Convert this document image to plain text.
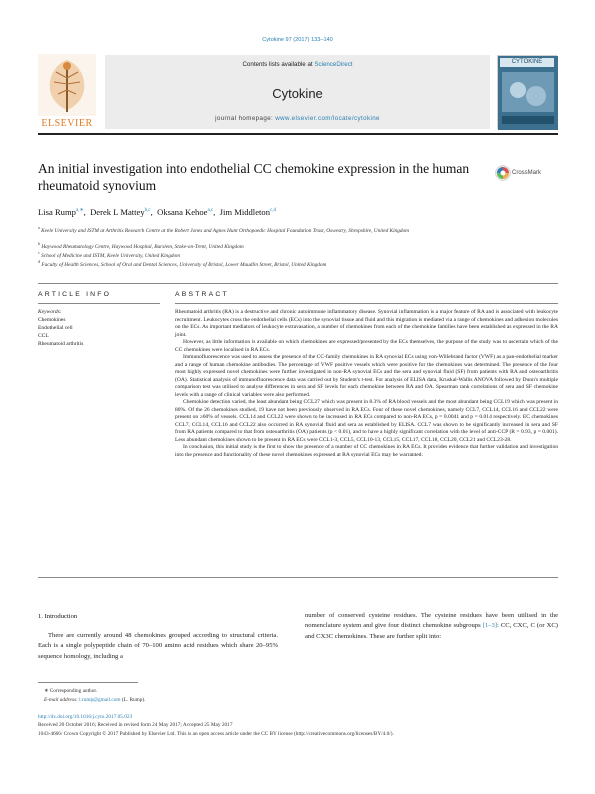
Cytokine 97 (2017) 133–140
ELSEVIER
Contents lists available at ScienceDirect
Cytokine
journal homepage: www.elsevier.com/locate/cytokine
CYTOKINE
An initial investigation into endothelial CC chemokine expression in the human rheumatoid synovium
CrossMark
Lisa Rump$^{a,∗}$,  Derek L Mattey$^{b,c}$,  Oksana Kehoe$^{a,c}$,  Jim Middleton$^{c,d}$
$^a$ Keele University and ISTM at Arthritis Research Centre at the Robert Jones and Agnes Hunt Orthopaedic Hospital Foundation Trust, Oswestry, Shropshire, United Kingdom
$^b$ Haywood Rheumatology Centre, Haywood Hospital, Burslem, Stoke-on-Trent, United Kingdom
$^c$ School of Medicine and ISTM, Keele University, United Kingdom
$^d$ Faculty of Health Sciences, School of Oral and Dental Sciences, University of Bristol, Lower Maudlin Street, Bristol, United Kingdom
ARTICLE INFO	ABSTRACT
Keywords:
Chemokines
Endothelial cell
CCL
Rheumatoid arthritis

Rheumatoid arthritis (RA) is a destructive and chronic autoimmune inflammatory disease. Synovial inflammation is a major feature of RA and is associated with leukocyte recruitment. Leukocytes cross the endothelial cells (ECs) into the synovial tissue and fluid and this migration is mediated via a range of chemokines and adhesion molecules on the ECs. As important mediators of leukocyte extravasation, a number of chemokines from each of the chemokine families have been established as expressed in the RA joint.

However, as little information is available on which chemokines are expressed/presented by the ECs themselves, the purpose of the study was to ascertain which of the CC chemokines were localised in RA ECs.

Immunofluorescence was used to assess the presence of the CC-family chemokines in RA synovial ECs using von-Willebrand factor (VWF) as a pan-endothelial marker and a range of human chemokine antibodies. The percentage of VWF positive vessels which were positive for the chemokines was determined. The presence of the four most highly expressed novel chemokines were further investigated in non-RA synovial ECs and the sera and synovial fluid (SF) from patients with RA and osteoarthritis (OA). Statistical analysis of immunofluorescence data was carried out by Student's t-test. For analysis of ELISA data, Kruskal-Wallis ANOVA followed by Dunn's multiple comparison test was utilised to analyse differences in sera and SF levels for each chemokine between RA and OA. Spearman rank correlations of sera and SF chemokine levels with a range of clinical variables were also performed.

Chemokine detection varied, the least abundant being CCL27 which was present in 8.3% of RA blood vessels and the most abundant being CCL19 which was present in 80%. Of the 26 chemokines studied, 19 have not been previously observed in RA ECs. Four of these novel chemokines, namely CCL7, CCL14, CCL16 and CCL22 were present on ≥60% of vessels. CCL14 and CCL22 were shown to be increased in RA ECs compared to non-RA ECs, p = 0.0041 and p = 0.014 respectively. EC chemokines CCL7, CCL14, CCL16 and CCL22 also occurred in RA synovial fluid and sera as established by ELISA. CCL7 was shown to be significantly increased in sera and SF from RA patients compared to that from osteoarthritis (OA) patients (p < 0.01), and to have a highly significant correlation with the level of anti-CCP (R = 0.93, p = 0.001). Less abundant chemokines shown to be present in RA ECs were CCL1-3, CCL5, CCL10-13, CCL15, CCL17, CCL18, CCL20, CCL21 and CCL23-28.

In conclusion, this initial study is the first to show the presence of a number of CC chemokines in RA ECs. It provides evidence that further validation and investigation into the presence and functionality of these novel chemokines expressed at RA synovial ECs may be warranted.

1. Introduction
There are currently around 48 chemokines grouped according to structural criteria. Each is a single polypeptide chain of 70–100 amino acid residues which share 20–95% sequence homology, including a
number of conserved cysteine residues. The cysteine residues have been utilised in the nomenclature system and give four distinct chemokine subgroups [1–3]: CC, CXC, C (or XC) and CX3C chemokines. These are further split into:
∗ Corresponding author.
E-mail address: l.rump@gmail.com (L. Rump).
http://dx.doi.org/10.1016/j.cyto.2017.05.023
Received 20 October 2016; Received in revised form 24 May 2017; Accepted 25 May 2017
1043-4666/ Crown Copyright © 2017 Published by Elsevier Ltd. This is an open access article under the CC BY license (http://creativecommons.org/licenses/BY/4.0/).
